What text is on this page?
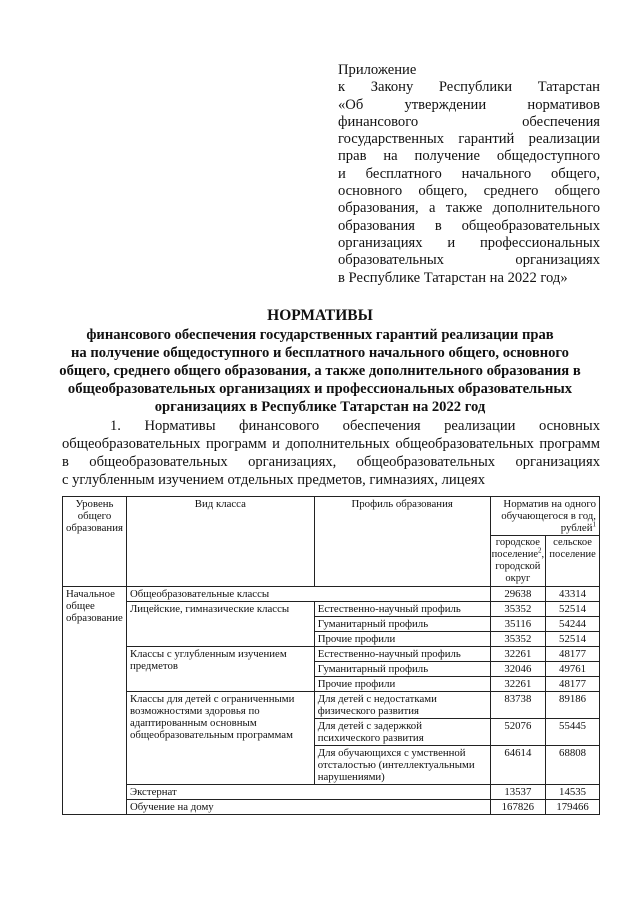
Приложение
к Закону Республики Татарстан
«Об утверждении нормативов
финансового обеспечения
государственных гарантий реализации
прав на получение общедоступного
и бесплатного начального общего,
основного общего, среднего общего
образования, а также дополнительного
образования в общеобразовательных
организациях и профессиональных
образовательных организациях
в Республике Татарстан на 2022 год»
НОРМАТИВЫ
финансового обеспечения государственных гарантий реализации прав
на получение общедоступного и бесплатного начального общего, основного
общего, среднего общего образования, а также дополнительного образования в
общеобразовательных организациях и профессиональных образовательных
организациях в Республике Татарстан на 2022 год
1. Нормативы финансового обеспечения реализации основных
общеобразовательных программ и дополнительных общеобразовательных программ
в общеобразовательных организациях, общеобразовательных организациях
с углубленным изучением отдельных предметов, гимназиях, лицеях
Уровень общего образования	Вид класса	Профиль образования	Норматив на одного обучающегося в год, рублей$^1$
			городское поселение$^2$, городской округ	сельское поселение
Начальное общее образование	Общеобразовательные классы		29638	43314
	Лицейские, гимназические классы	Естественно-научный профиль	35352	52514
		Гуманитарный профиль	35116	54244
		Прочие профили	35352	52514
	Классы с углубленным изучением предметов	Естественно-научный профиль	32261	48177
		Гуманитарный профиль	32046	49761
		Прочие профили	32261	48177
	Классы для детей с ограниченными возможностями здоровья по адаптированным основным общеобразовательным программам	Для детей с недостатками физического развития	83738	89186
		Для детей с задержкой психического развития	52076	55445
		Для обучающихся с умственной отсталостью (интеллектуальными нарушениями)	64614	68808
	Экстернат		13537	14535
	Обучение на дому		167826	179466
